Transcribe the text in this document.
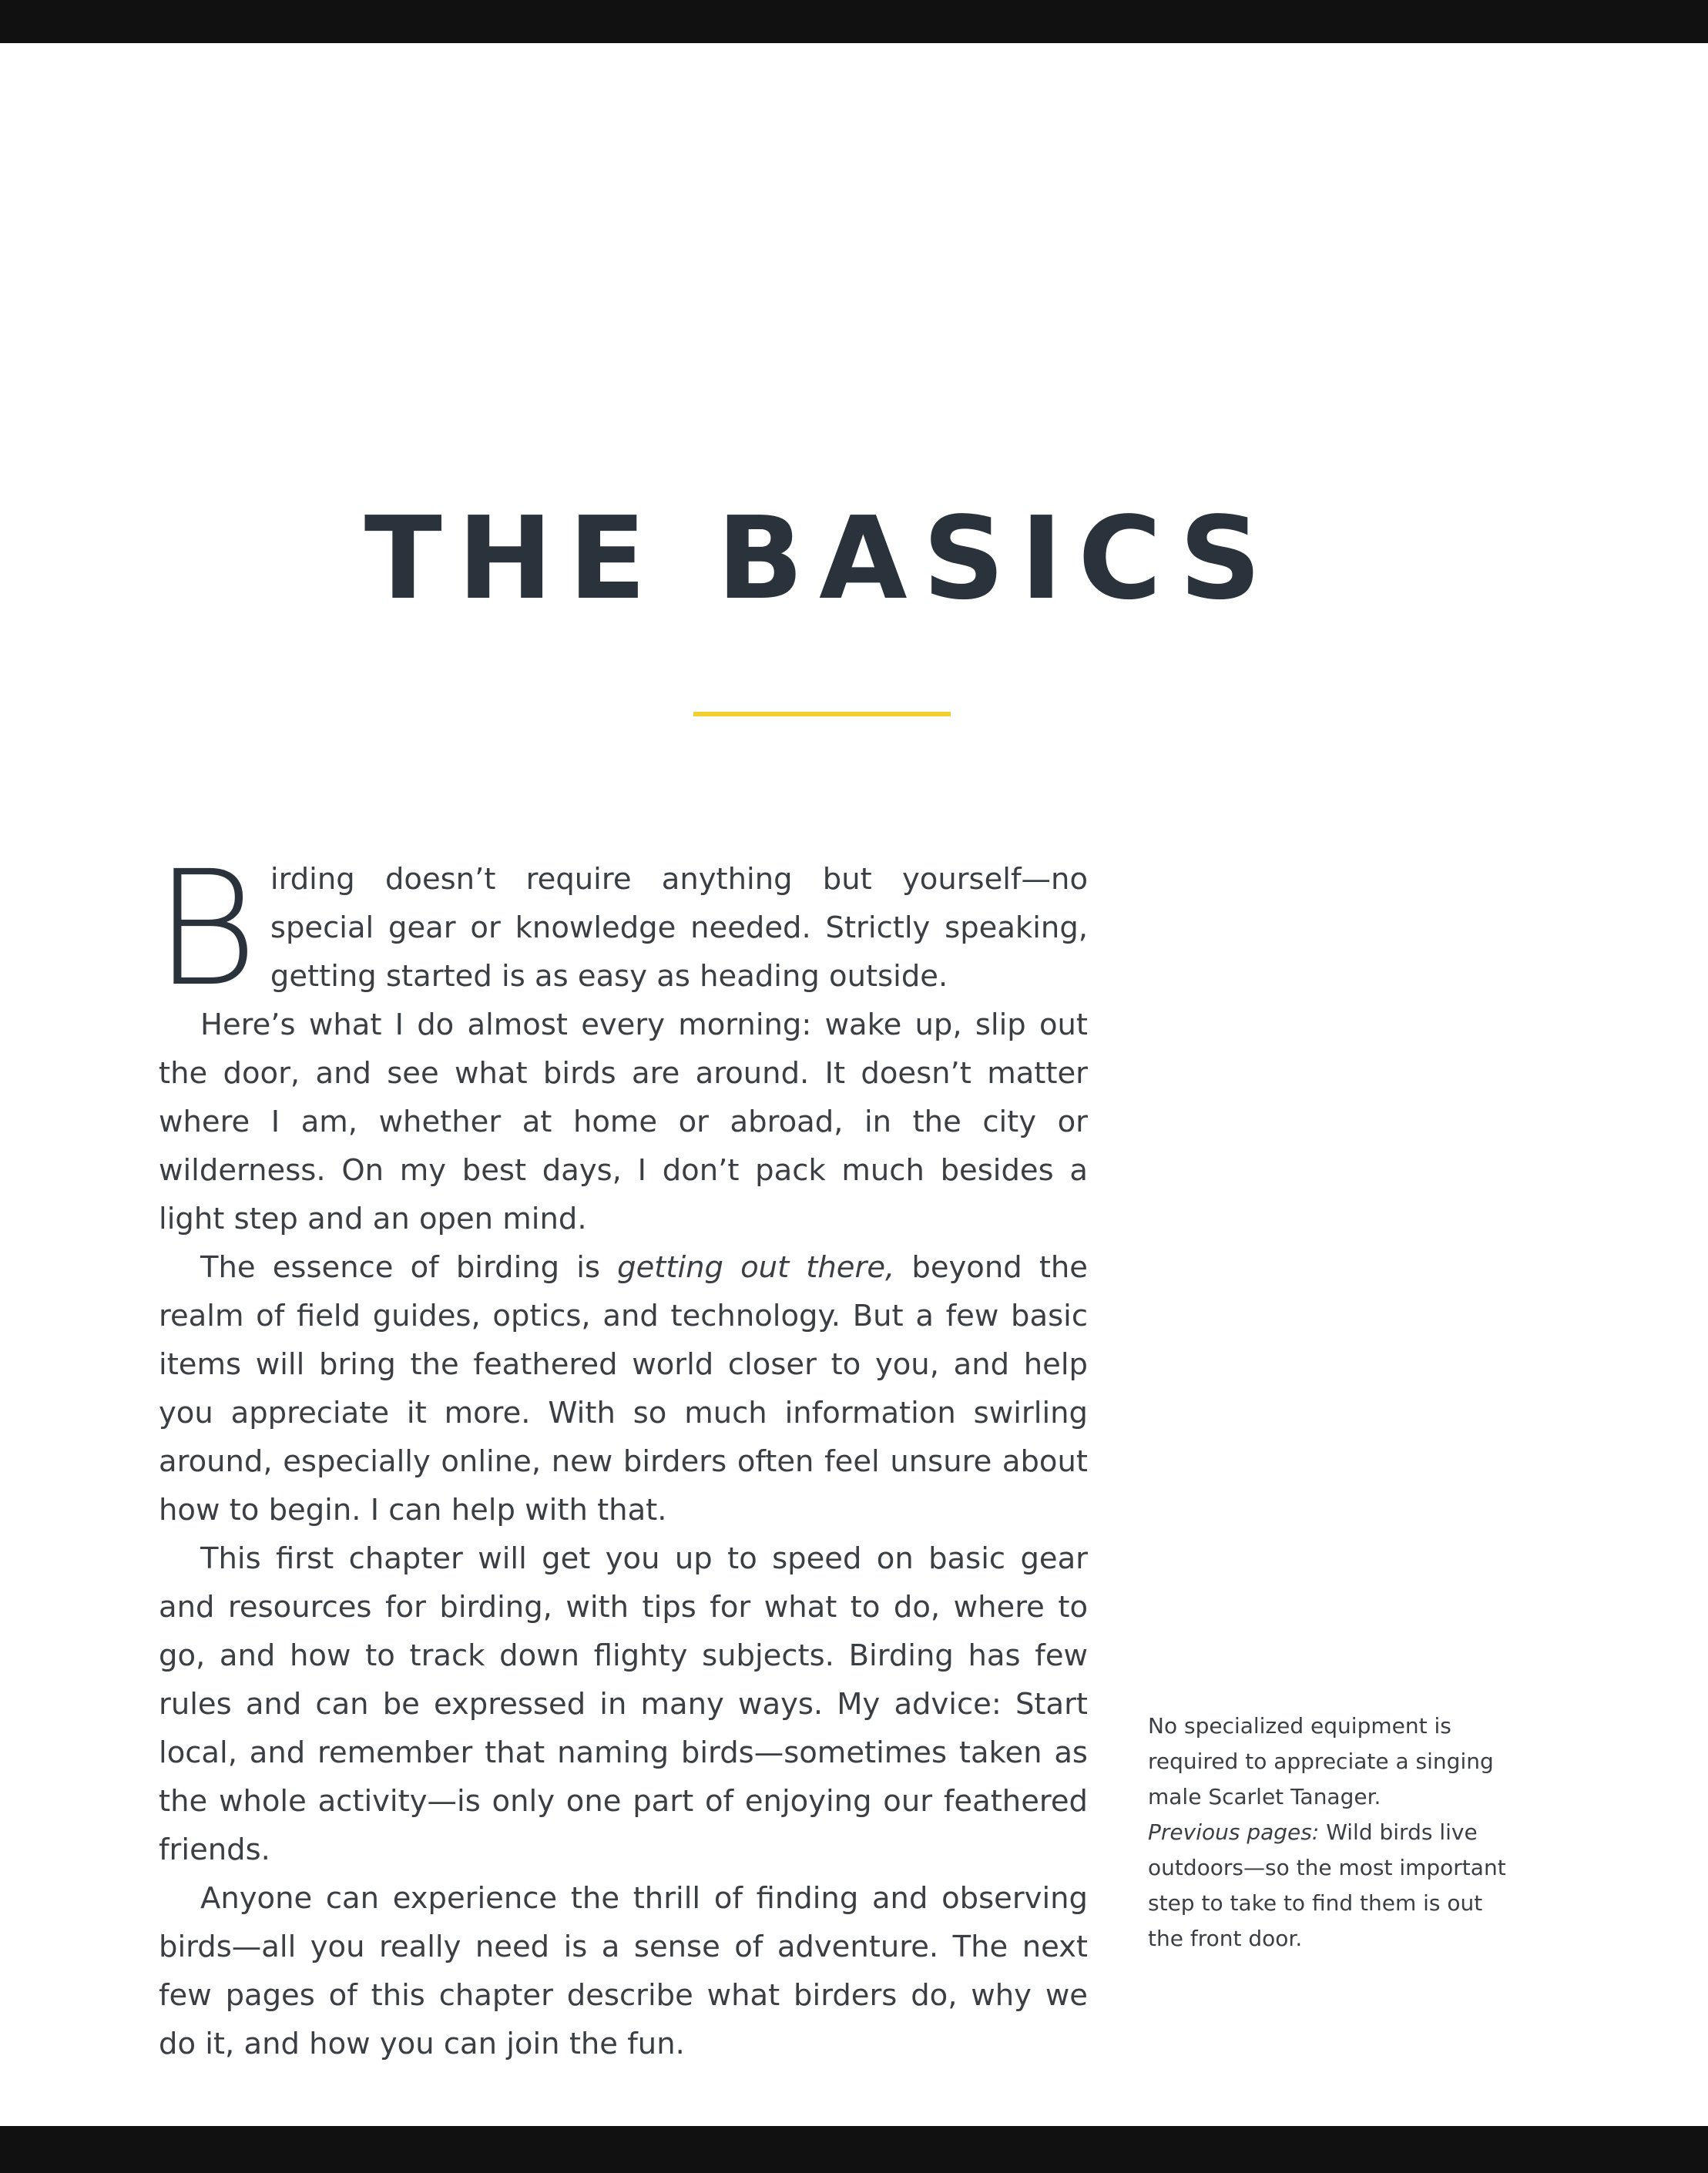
THE BASICS

Birding doesn’t require anything but yourself—no special gear or knowledge needed. Strictly speaking, getting started is as easy as heading outside.

Here’s what I do almost every morning: wake up, slip out the door, and see what birds are around. It doesn’t matter where I am, whether at home or abroad, in the city or wilderness. On my best days, I don’t pack much besides a light step and an open mind.

The essence of birding is getting out there, beyond the realm of field guides, optics, and technology. But a few basic items will bring the feathered world closer to you, and help you appreciate it more. With so much information swirling around, especially online, new birders often feel unsure about how to begin. I can help with that.

This first chapter will get you up to speed on basic gear and resources for birding, with tips for what to do, where to go, and how to track down flighty subjects. Birding has few rules and can be expressed in many ways. My advice: Start local, and remember that naming birds—sometimes taken as the whole activity—is only one part of enjoying our feathered friends.

Anyone can experience the thrill of finding and observing birds—all you really need is a sense of adventure. The next few pages of this chapter describe what birders do, why we do it, and how you can join the fun.

No specialized equipment is required to appreciate a singing male Scarlet Tanager.
Previous pages: Wild birds live outdoors—so the most important step to take to find them is out the front door.
